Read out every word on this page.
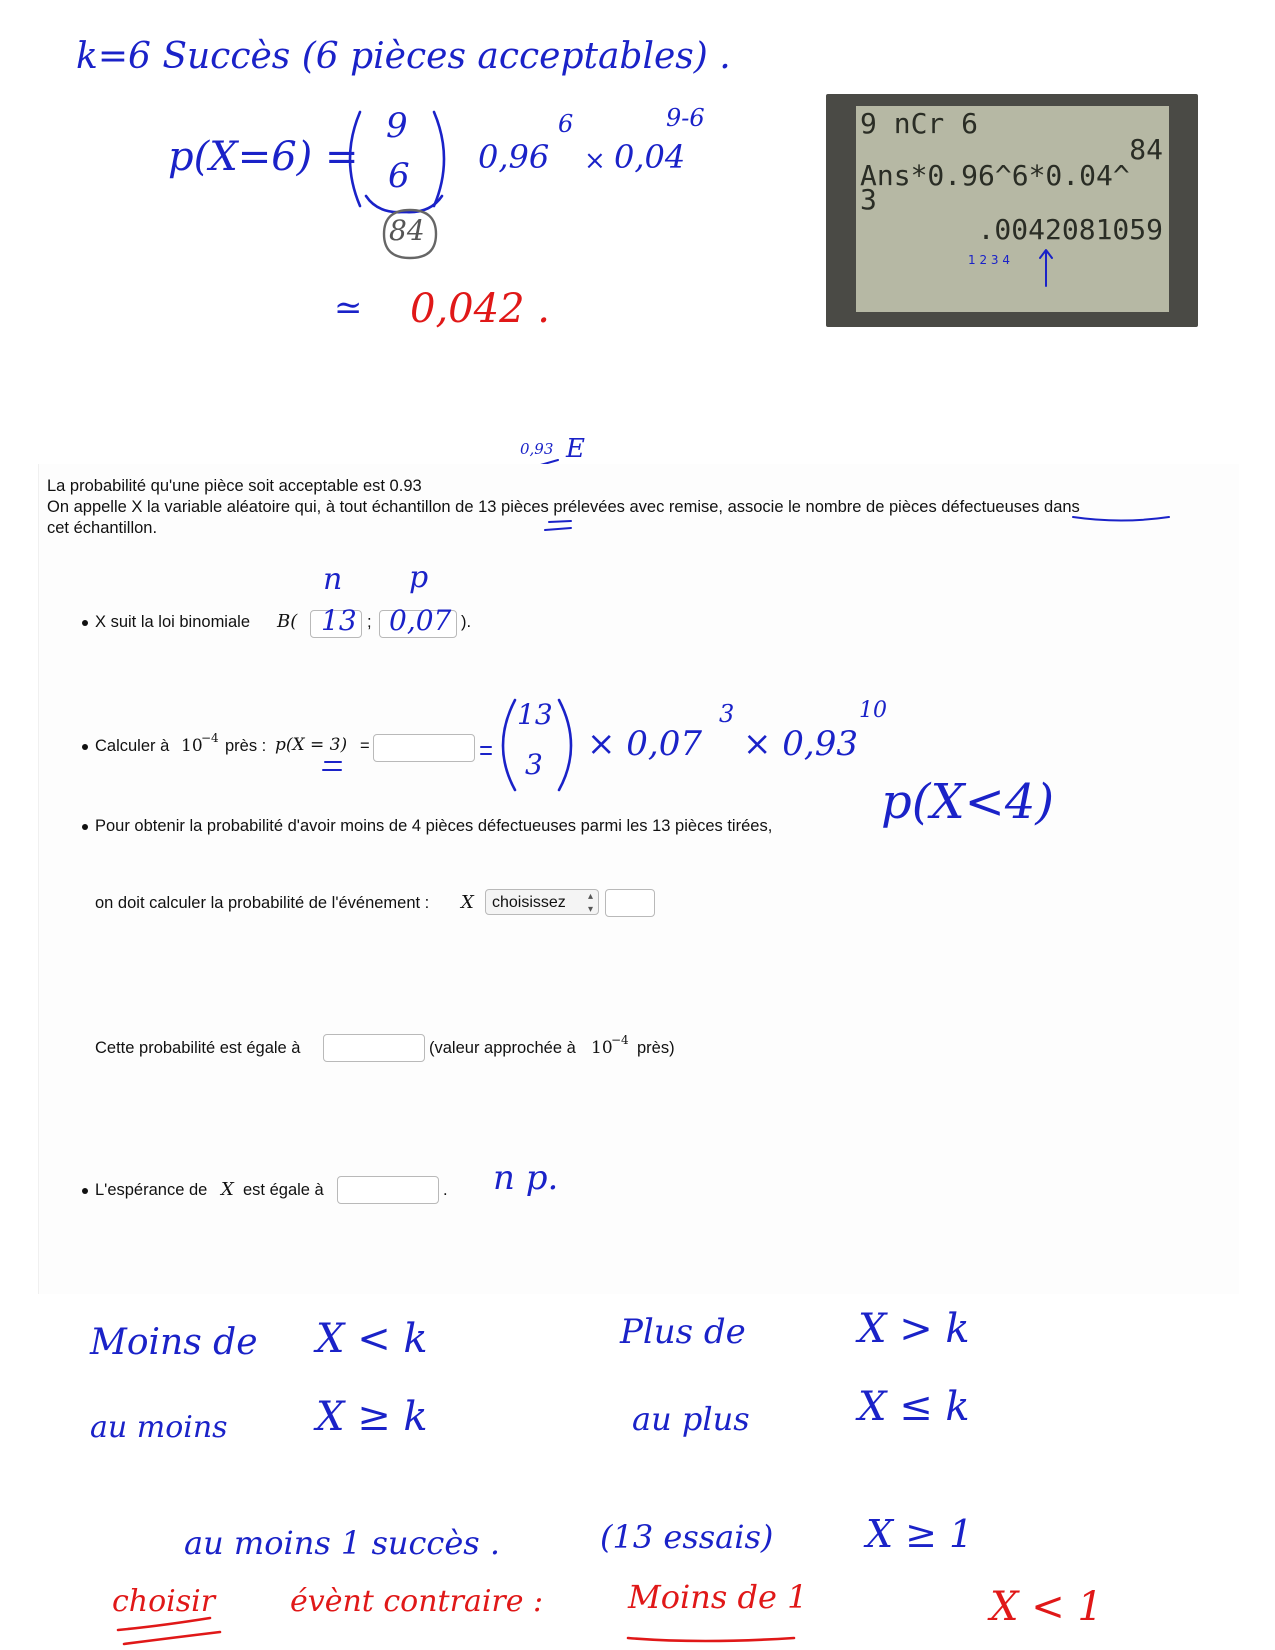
k=6 Succès (6 pièces acceptables) .
p(X=6) =
9
6 0,96
6
× 0,04
9-6
84
≃ 0,042 .
9 nCr 6
84
Ans*0.96^6*0.04^
3
.0042081059
1 2 3 4
0,93 E
La probabilité qu'une pièce soit acceptable est 0.93
On appelle X la variable aléatoire qui, à tout échantillon de 13 pièces prélevées avec remise, associe le nombre de pièces défectueuses dans
cet échantillon.
X suit la loi binomiale B( 13 ; 0,07 ).
n p
Calculer à 10
−4 près : p(X = 3) =
13
3
× 0,07
3
× 0,93
10
Pour obtenir la probabilité d'avoir moins de 4 pièces défectueuses parmi les 13 pièces tirées, p(X<4)
on doit calculer la probabilité de l'événement : X	choisissez ▴
▾
Cette probabilité est égale à	(valeur approchée à 10
−4 près)
L'espérance de X est égale à	. n p.
Moins de X < k	Plus de	X > k
au moins X ≥ k	au plus	X ≤ k
au moins 1 succès .	(13 essais) X ≥ 1
choisir évènt contraire :	Moins de 1	X < 1
